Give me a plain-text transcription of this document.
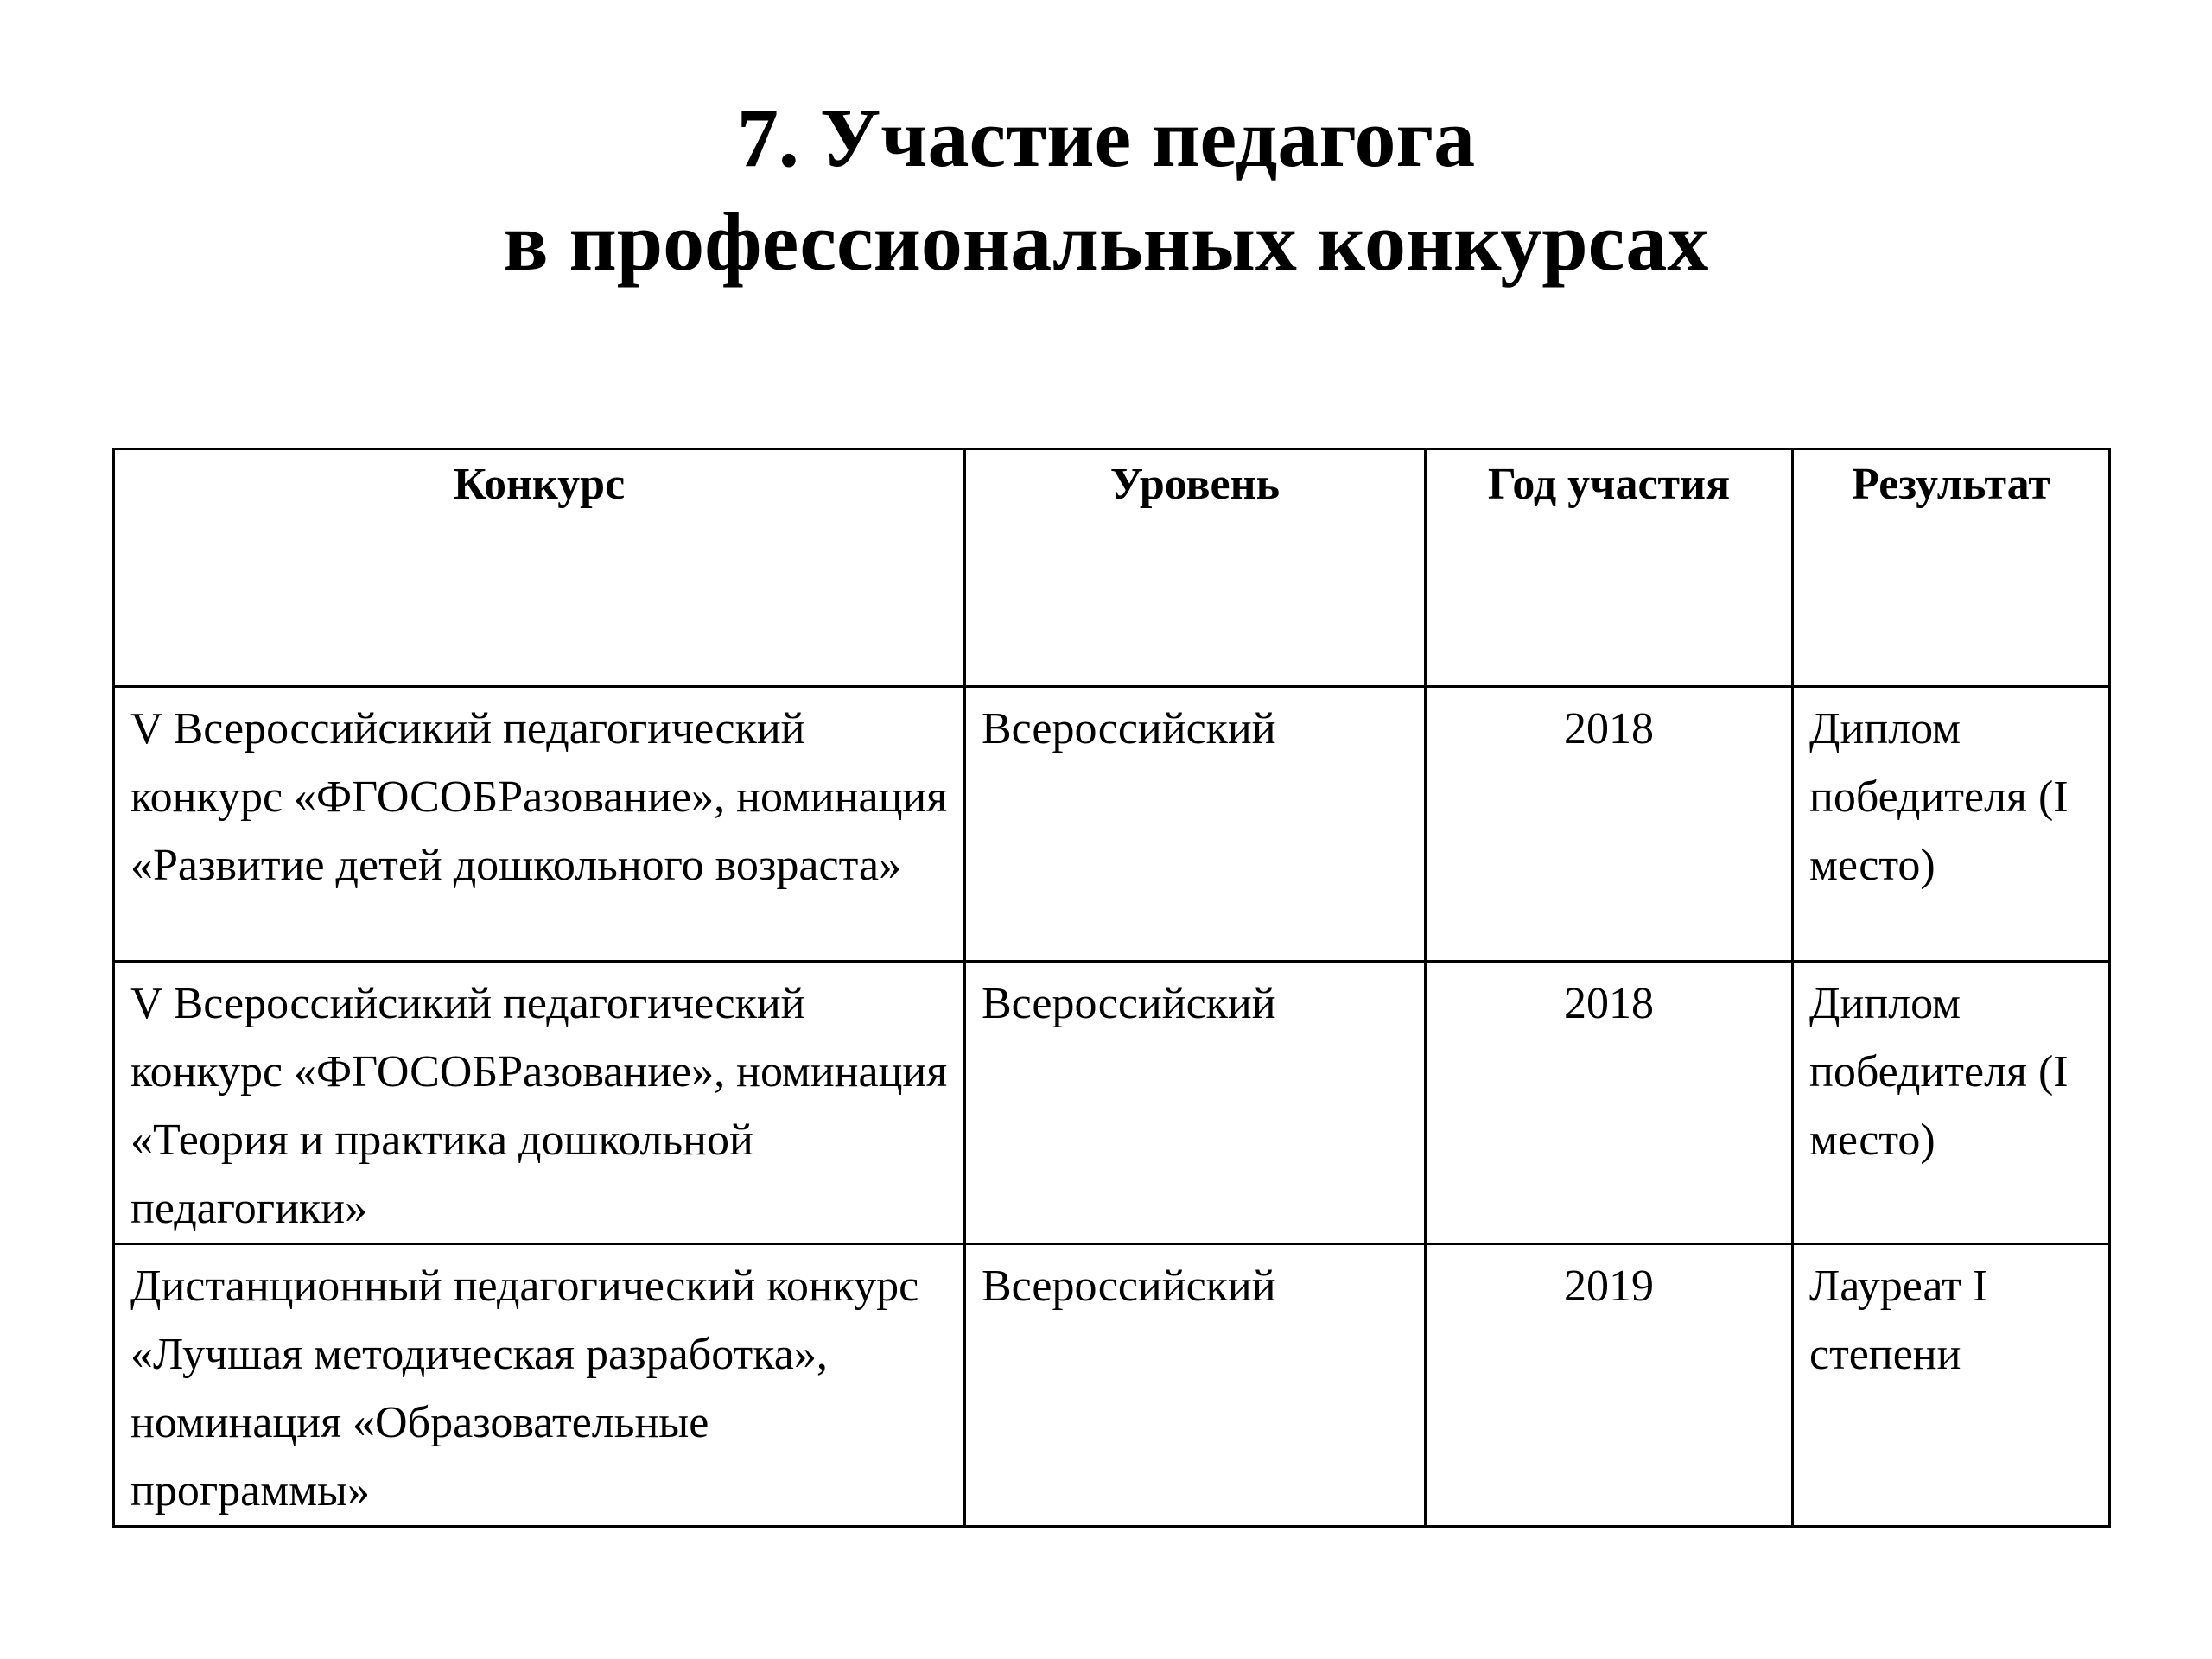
7. Участие педагога
в профессиональных конкурсах
Конкурс	Уровень	Год участия	Результат
V Всероссийсикий педагогический конкурс «ФГОСОБРазование», номинация «Развитие детей дошкольного возраста»	Всероссийский	2018	Диплом победителя (I место)
V Всероссийсикий педагогический конкурс «ФГОСОБРазование», номинация «Теория и практика дошкольной педагогики»	Всероссийский	2018	Диплом победителя (I место)
Дистанционный педагогический конкурс «Лучшая методическая разработка», номинация «Образовательные программы»	Всероссийский	2019	Лауреат I степени
